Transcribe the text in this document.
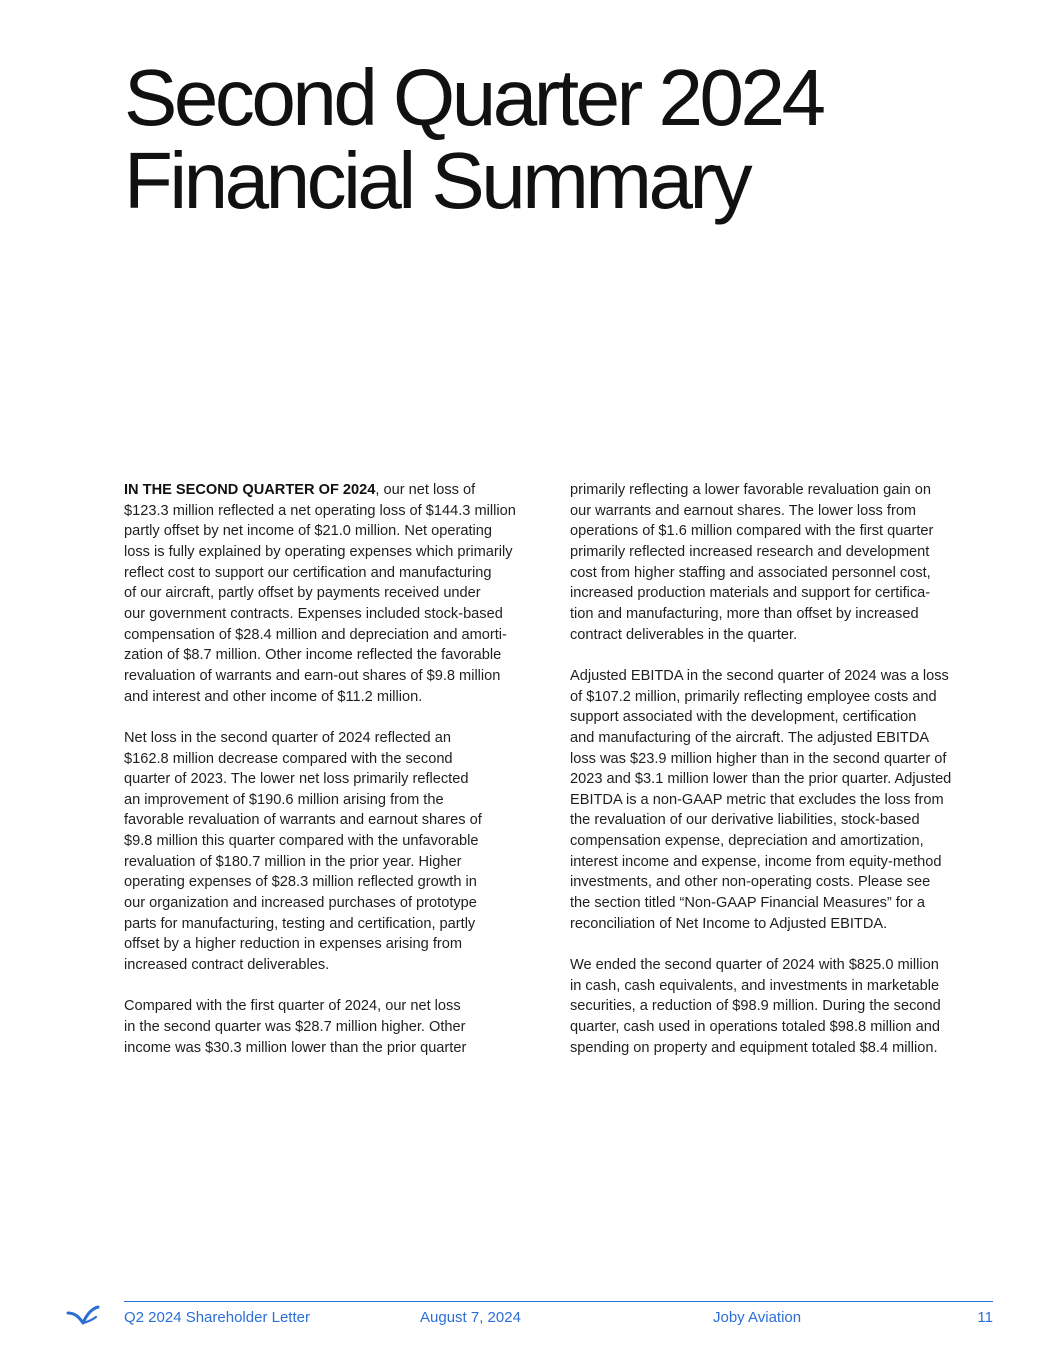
Second Quarter 2024
Financial Summary

IN THE SECOND QUARTER OF 2024, our net loss of
$123.3 million reflected a net operating loss of $144.3 million
partly offset by net income of $21.0 million. Net operating
loss is fully explained by operating expenses which primarily
reflect cost to support our certification and manufacturing
of our aircraft, partly offset by payments received under
our government contracts. Expenses included stock-based
compensation of $28.4 million and depreciation and amorti-
zation of $8.7 million. Other income reflected the favorable
revaluation of warrants and earn-out shares of $9.8 million
and interest and other income of $11.2 million.

Net loss in the second quarter of 2024 reflected an
$162.8 million decrease compared with the second
quarter of 2023. The lower net loss primarily reflected
an improvement of $190.6 million arising from the
favorable revaluation of warrants and earnout shares of
$9.8 million this quarter compared with the unfavorable
revaluation of $180.7 million in the prior year. Higher
operating expenses of $28.3 million reflected growth in
our organization and increased purchases of prototype
parts for manufacturing, testing and certification, partly
offset by a higher reduction in expenses arising from
increased contract deliverables.

Compared with the first quarter of 2024, our net loss
in the second quarter was $28.7 million higher. Other
income was $30.3 million lower than the prior quarter

primarily reflecting a lower favorable revaluation gain on
our warrants and earnout shares. The lower loss from
operations of $1.6 million compared with the first quarter
primarily reflected increased research and development
cost from higher staffing and associated personnel cost,
increased production materials and support for certifica-
tion and manufacturing, more than offset by increased
contract deliverables in the quarter.

Adjusted EBITDA in the second quarter of 2024 was a loss
of $107.2 million, primarily reflecting employee costs and
support associated with the development, certification
and manufacturing of the aircraft. The adjusted EBITDA
loss was $23.9 million higher than in the second quarter of
2023 and $3.1 million lower than the prior quarter. Adjusted
EBITDA is a non-GAAP metric that excludes the loss from
the revaluation of our derivative liabilities, stock-based
compensation expense, depreciation and amortization,
interest income and expense, income from equity-method
investments, and other non-operating costs. Please see
the section titled “Non-GAAP Financial Measures” for a
reconciliation of Net Income to Adjusted EBITDA.

We ended the second quarter of 2024 with $825.0 million
in cash, cash equivalents, and investments in marketable
securities, a reduction of $98.9 million. During the second
quarter, cash used in operations totaled $98.8 million and
spending on property and equipment totaled $8.4 million.

Q2 2024 Shareholder Letter	August 7, 2024	Joby Aviation	11
